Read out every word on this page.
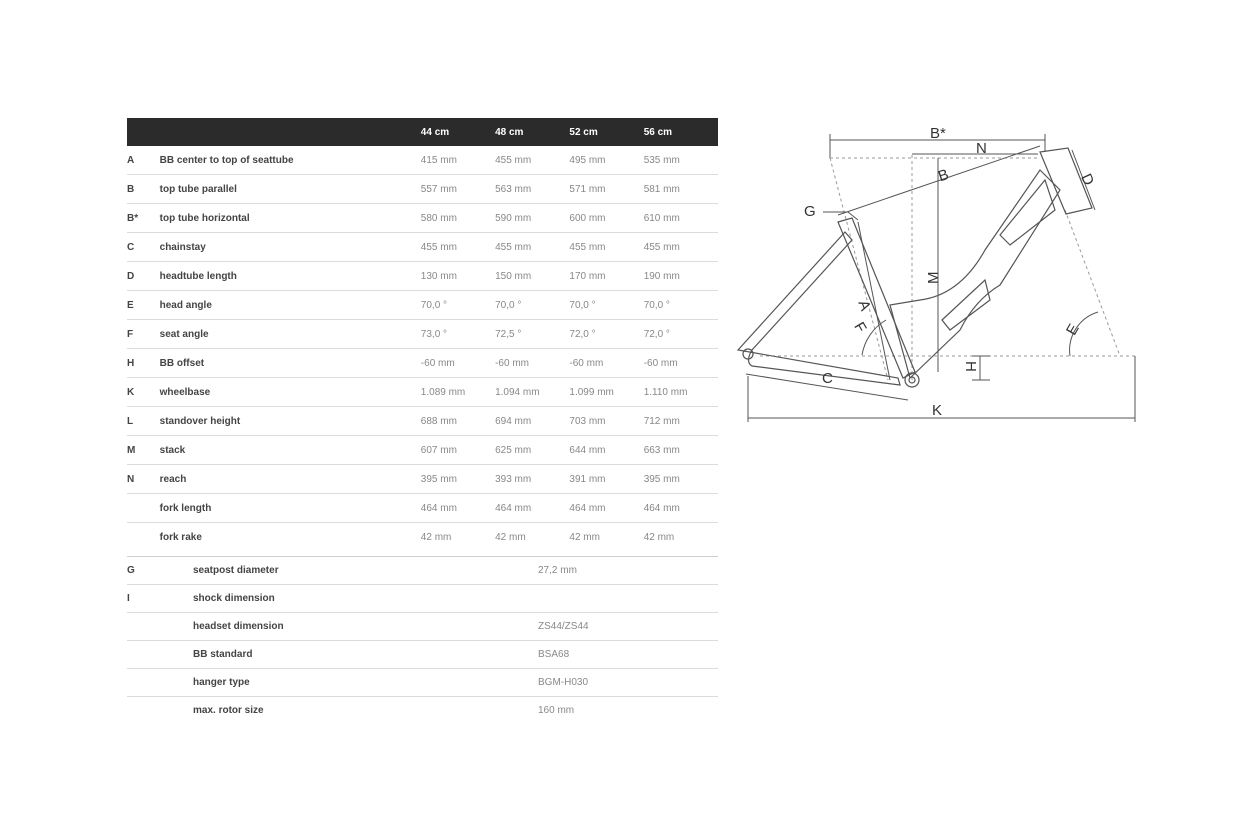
		44 cm	48 cm	52 cm	56 cm
A	BB center to top of seattube	415 mm	455 mm	495 mm	535 mm
B	top tube parallel	557 mm	563 mm	571 mm	581 mm
B*	top tube horizontal	580 mm	590 mm	600 mm	610 mm
C	chainstay	455 mm	455 mm	455 mm	455 mm
D	headtube length	130 mm	150 mm	170 mm	190 mm
E	head angle	70,0 °	70,0 °	70,0 °	70,0 °
F	seat angle	73,0 °	72,5 °	72,0 °	72,0 °
H	BB offset	-60 mm	-60 mm	-60 mm	-60 mm
K	wheelbase	1.089 mm	1.094 mm	1.099 mm	1.110 mm
L	standover height	688 mm	694 mm	703 mm	712 mm
M	stack	607 mm	625 mm	644 mm	663 mm
N	reach	395 mm	393 mm	391 mm	395 mm
	fork length	464 mm	464 mm	464 mm	464 mm
	fork rake	42 mm	42 mm	42 mm	42 mm
G	seatpost diameter	27,2 mm
I	shock dimension	
	headset dimension	ZS44/ZS44
	BB standard	BSA68
	hanger type	BGM-H030
	max. rotor size	160 mm
B*
N
D
B
G
M
A
F	E
H
C
K
